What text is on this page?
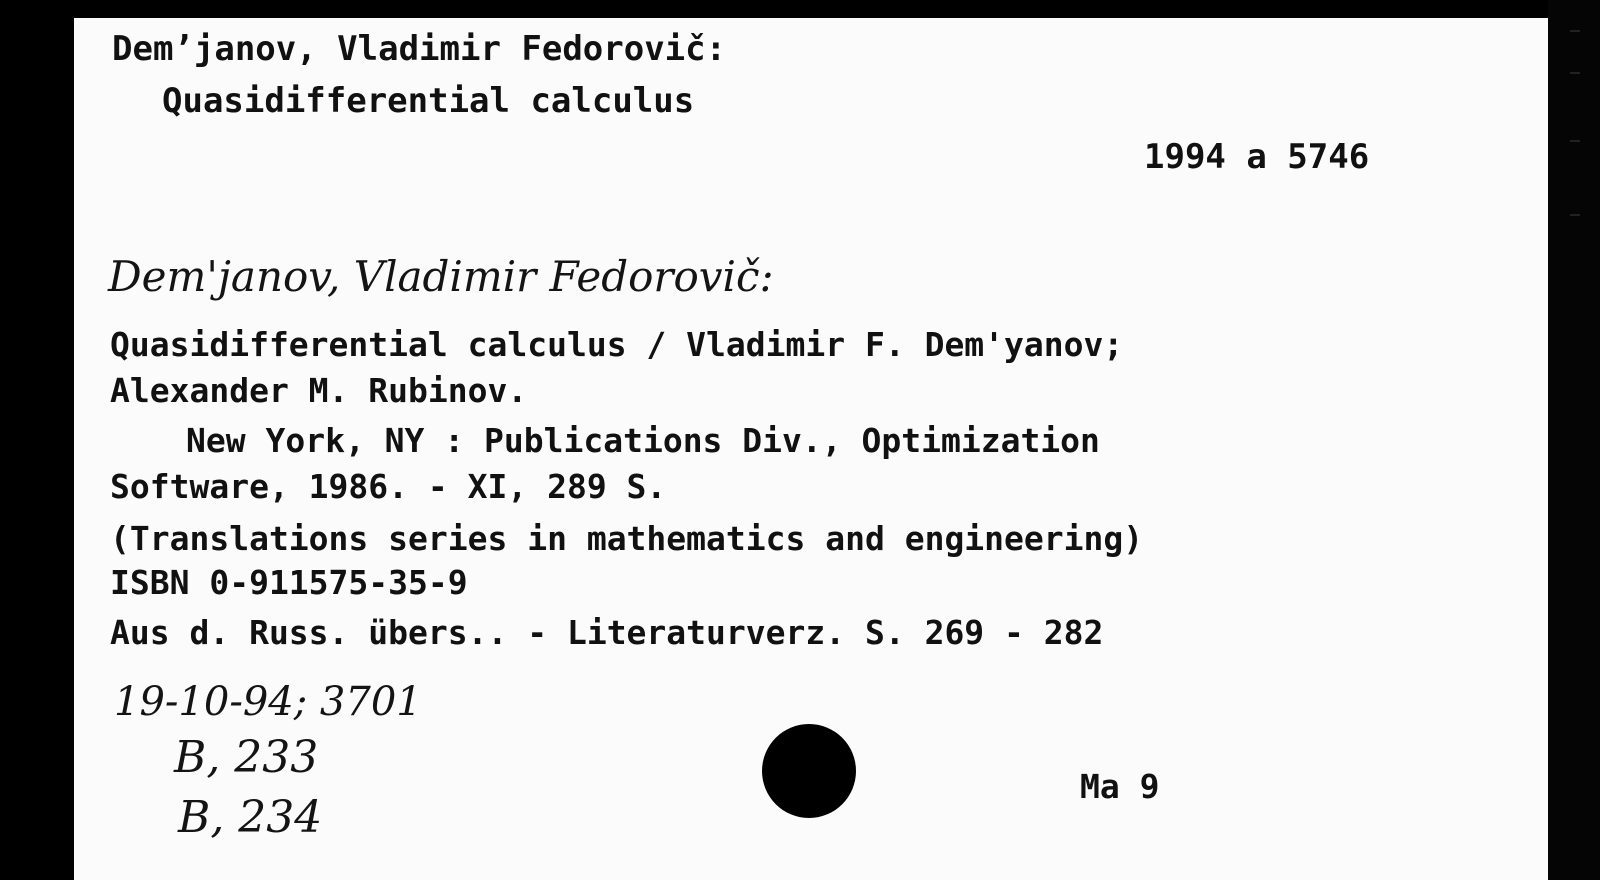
Dem’janov, Vladimir Fedorovič:

Quasidifferential calculus

1994 a 5746

Dem'janov, Vladimir Fedorovič:

Quasidifferential calculus / Vladimir F. Dem'yanov;

Alexander M. Rubinov.

New York, NY : Publications Div., Optimization

Software, 1986. - XI, 289 S.

(Translations series in mathematics and engineering)

ISBN 0-911575-35-9

Aus d. Russ. übers.. - Literaturverz. S. 269 - 282

19-10-94; 3701

B, 233

B, 234

Ma 9
